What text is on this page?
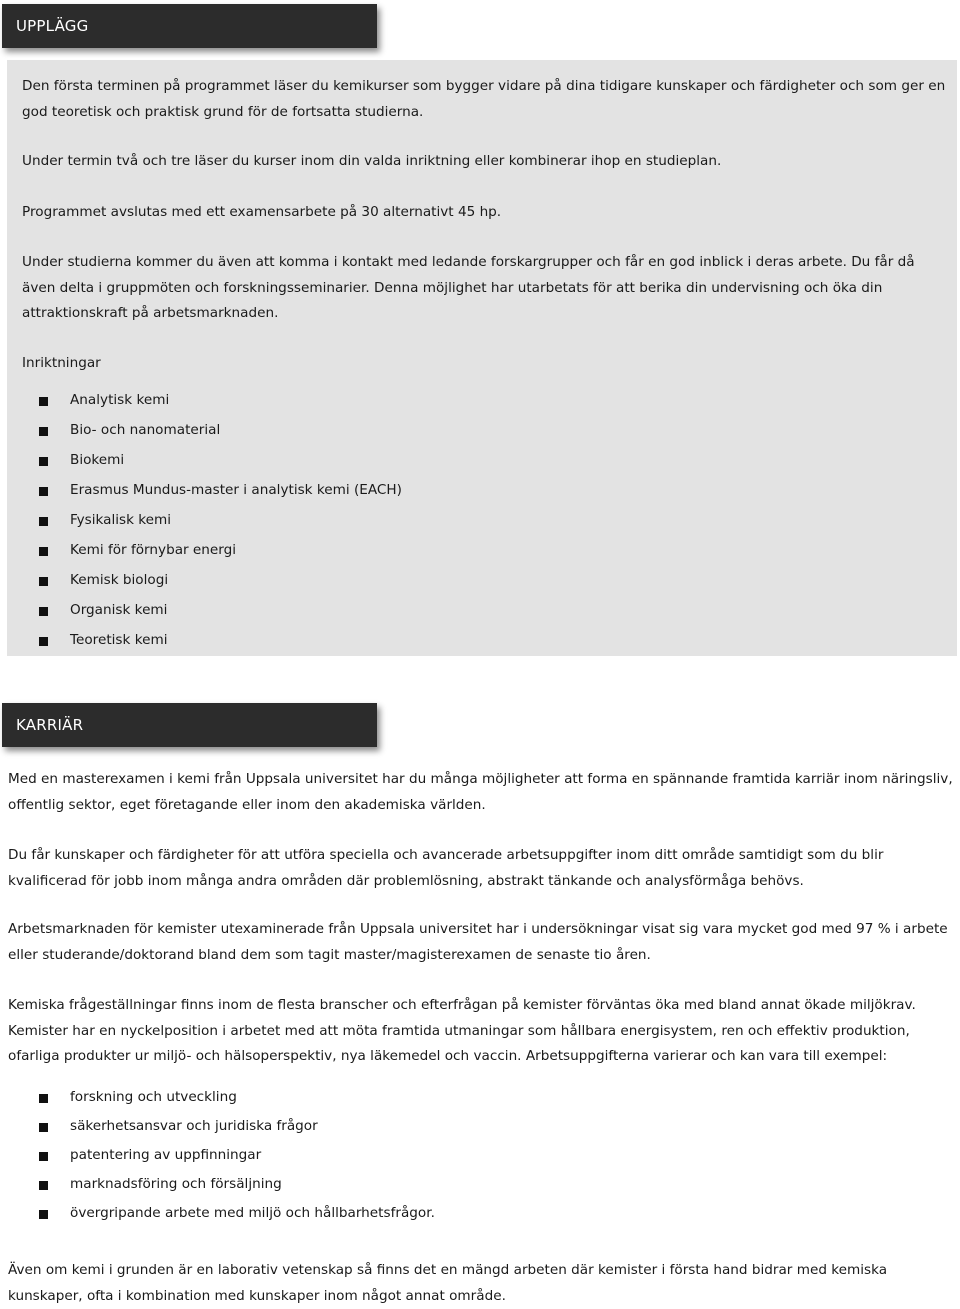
UPPLÄGG

Den första terminen på programmet läser du kemikurser som bygger vidare på dina tidigare kunskaper och färdigheter och som ger en god teoretisk och praktisk grund för de fortsatta studierna.

Under termin två och tre läser du kurser inom din valda inriktning eller kombinerar ihop en studieplan.

Programmet avslutas med ett examensarbete på 30 alternativt 45 hp.

Under studierna kommer du även att komma i kontakt med ledande forskargrupper och får en god inblick i deras arbete. Du får då även delta i gruppmöten och forskningsseminarier. Denna möjlighet har utarbetats för att berika din undervisning och öka din attraktionskraft på arbetsmarknaden.

Inriktningar

Analytisk kemi
Bio- och nanomaterial
Biokemi
Erasmus Mundus-master i analytisk kemi (EACH)
Fysikalisk kemi
Kemi för förnybar energi
Kemisk biologi
Organisk kemi
Teoretisk kemi
KARRIÄR

Med en masterexamen i kemi från Uppsala universitet har du många möjligheter att forma en spännande framtida karriär inom näringsliv, offentlig sektor, eget företagande eller inom den akademiska världen.

Du får kunskaper och färdigheter för att utföra speciella och avancerade arbetsuppgifter inom ditt område samtidigt som du blir kvalificerad för jobb inom många andra områden där problemlösning, abstrakt tänkande och analysförmåga behövs.

Arbetsmarknaden för kemister utexaminerade från Uppsala universitet har i undersökningar visat sig vara mycket god med 97 % i arbete eller studerande/doktorand bland dem som tagit master/magisterexamen de senaste tio åren.

Kemiska frågeställningar finns inom de flesta branscher och efterfrågan på kemister förväntas öka med bland annat ökade miljökrav. Kemister har en nyckelposition i arbetet med att möta framtida utmaningar som hållbara energisystem, ren och effektiv produktion, ofarliga produkter ur miljö- och hälsoperspektiv, nya läkemedel och vaccin. Arbetsuppgifterna varierar och kan vara till exempel:

forskning och utveckling
säkerhetsansvar och juridiska frågor
patentering av uppfinningar
marknadsföring och försäljning
övergripande arbete med miljö och hållbarhetsfrågor.

Även om kemi i grunden är en laborativ vetenskap så finns det en mängd arbeten där kemister i första hand bidrar med kemiska kunskaper, ofta i kombination med kunskaper inom något annat område.
